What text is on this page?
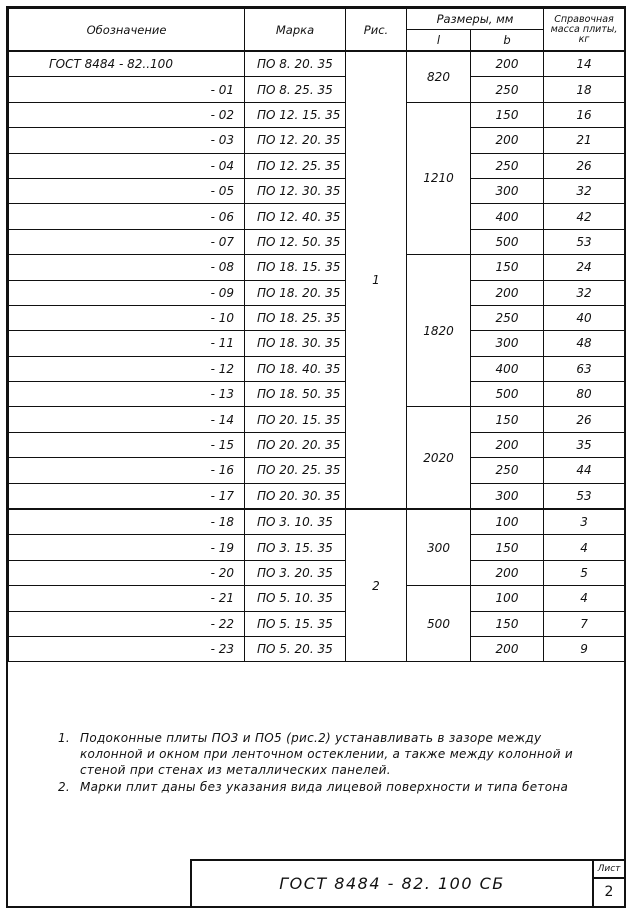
Обозначение	Марка	Рис.	Размеры, мм		Справочная масса плиты, кг
			l	b	
ГОСТ 8484 - 82..100	ПО 8. 20. 35	1	820	200	14
- 01	ПО 8. 25. 35			250	18
- 02	ПО 12. 15. 35		1210	150	16
- 03	ПО 12. 20. 35			200	21
- 04	ПО 12. 25. 35			250	26
- 05	ПО 12. 30. 35			300	32
- 06	ПО 12. 40. 35			400	42
- 07	ПО 12. 50. 35			500	53
- 08	ПО 18. 15. 35		1820	150	24
- 09	ПО 18. 20. 35			200	32
- 10	ПО 18. 25. 35			250	40
- 11	ПО 18. 30. 35			300	48
- 12	ПО 18. 40. 35			400	63
- 13	ПО 18. 50. 35			500	80
- 14	ПО 20. 15. 35		2020	150	26
- 15	ПО 20. 20. 35			200	35
- 16	ПО 20. 25. 35			250	44
- 17	ПО 20. 30. 35			300	53
- 18	ПО 3. 10. 35	2	300	100	3
- 19	ПО 3. 15. 35			150	4
- 20	ПО 3. 20. 35			200	5
- 21	ПО 5. 10. 35		500	100	4
- 22	ПО 5. 15. 35			150	7
- 23	ПО 5. 20. 35			200	9
1. Подоконные плиты ПО3 и ПО5 (рис.2) устанавливать в зазоре между колонной и окном при ленточном остеклении, а также между колонной и стеной при стенах из металлических панелей.
2. Марки плит даны без указания вида лицевой поверхности и типа бетона
ГОСТ 8484 - 82. 100 СБ
Лист
2
